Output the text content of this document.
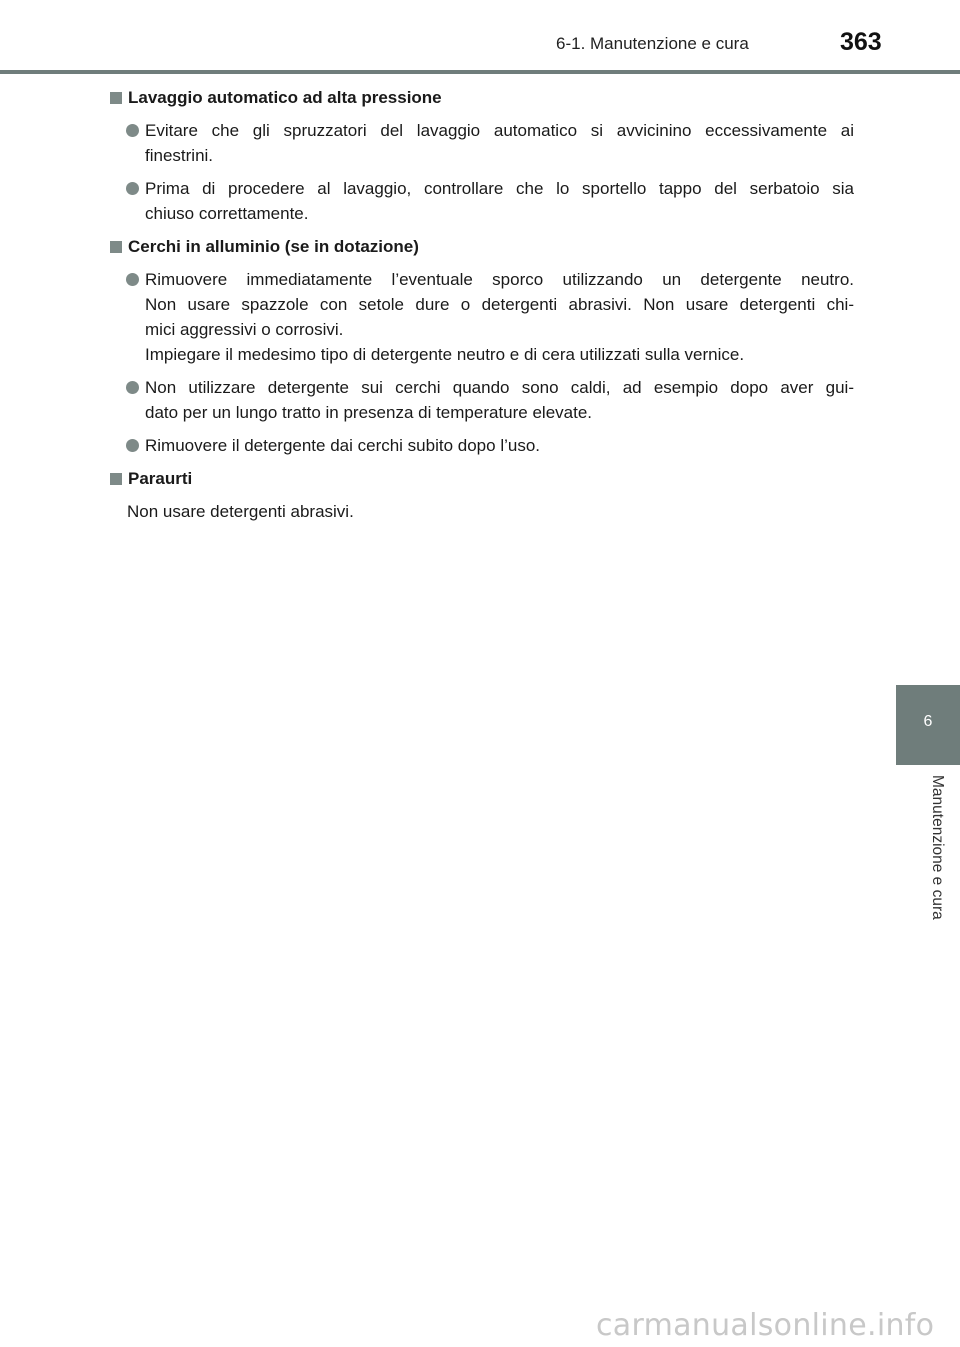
6-1. Manutenzione e cura	363
6
Manutenzione e cura
Lavaggio automatico ad alta pressione
Evitare che gli spruzzatori del lavaggio automatico si avvicinino eccessivamente ai
finestrini.
Prima di procedere al lavaggio, controllare che lo sportello tappo del serbatoio sia
chiuso correttamente.
Cerchi in alluminio (se in dotazione)
Rimuovere immediatamente l’eventuale sporco utilizzando un detergente neutro.
Non usare spazzole con setole dure o detergenti abrasivi. Non usare detergenti chi-
mici aggressivi o corrosivi.
Impiegare il medesimo tipo di detergente neutro e di cera utilizzati sulla vernice.
Non utilizzare detergente sui cerchi quando sono caldi, ad esempio dopo aver gui-
dato per un lungo tratto in presenza di temperature elevate.
Rimuovere il detergente dai cerchi subito dopo l’uso.
Paraurti
Non usare detergenti abrasivi.
carmanualsonline.info
